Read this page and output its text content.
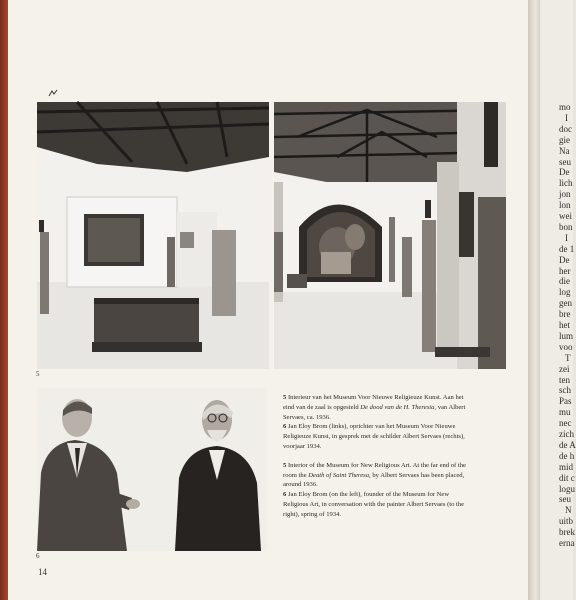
5
6
5 Interieur van het Museum Voor Nieuwe Religieuze Kunst. Aan het
eind van de zaal is opgesteld De dood van de H. Theresia, van Albert
Servaes, ca. 1936.
6 Jan Eloy Brom (links), oprichter van het Museum Voor Nieuwe
Religieuze Kunst, in gesprek met de schilder Albert Servaes (rechts),
voorjaar 1934.
5 Interior of the Museum for New Religious Art. At the far end of the
room the Death of Saint Theresa, by Albert Servaes has been placed,
around 1936.
6 Jan Eloy Brom (on the left), founder of the Museum for New
Religious Art, in conversation with the painter Albert Servaes (to the
right), spring of 1934.
14
mo
I
doc
gie
Na
seu
De
lich
jon
lon
wei
bon
I
de 1
De
her
die
log
gen
bre
het
lum
voo
T
zei
ten
sch
Pas
mu
nec
zich
de A
de h
mid
dit c
logu
seu
N
uitb
brek
erna
